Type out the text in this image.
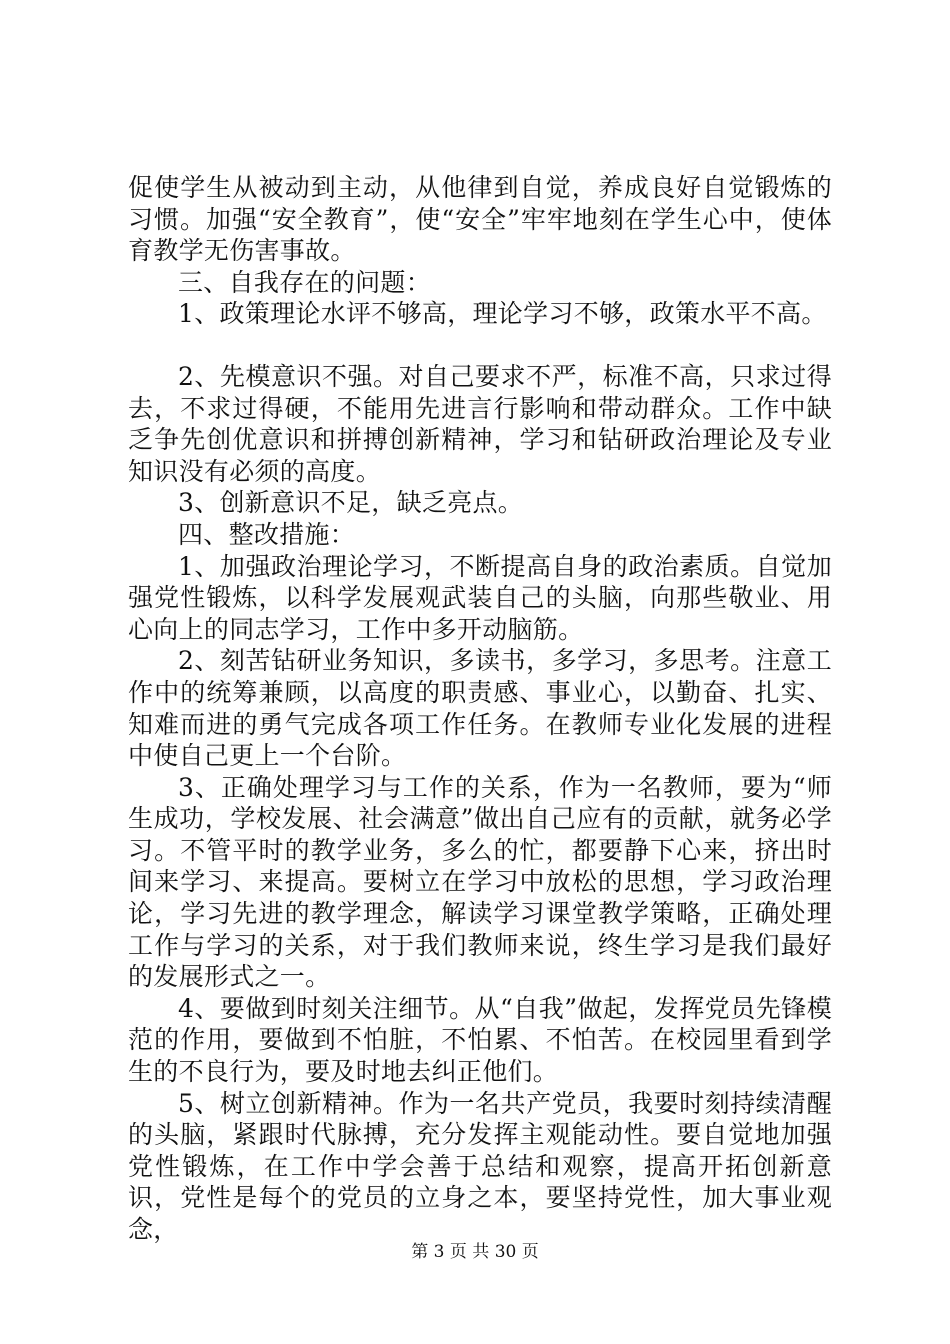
促使学生从被动到主动，从他律到自觉，养成良好自觉锻炼的习惯。加强“安全教育”，使“安全”牢牢地刻在学生心中，使体育教学无伤害事故。

三、自我存在的问题：

1、政策理论水评不够高，理论学习不够，政策水平不高。

2、先模意识不强。对自己要求不严，标准不高，只求过得去，不求过得硬，不能用先进言行影响和带动群众。工作中缺乏争先创优意识和拼搏创新精神，学习和钻研政治理论及专业知识没有必须的高度。

3、创新意识不足，缺乏亮点。

四、整改措施：

1、加强政治理论学习，不断提高自身的政治素质。自觉加强党性锻炼，以科学发展观武装自己的头脑，向那些敬业、用心向上的同志学习，工作中多开动脑筋。

2、刻苦钻研业务知识，多读书，多学习，多思考。注意工作中的统筹兼顾，以高度的职责感、事业心，以勤奋、扎实、知难而进的勇气完成各项工作任务。在教师专业化发展的进程中使自己更上一个台阶。

3、正确处理学习与工作的关系，作为一名教师，要为“师生成功，学校发展、社会满意”做出自己应有的贡献，就务必学习。不管平时的教学业务，多么的忙，都要静下心来，挤出时间来学习、来提高。要树立在学习中放松的思想，学习政治理论，学习先进的教学理念，解读学习课堂教学策略，正确处理工作与学习的关系，对于我们教师来说，终生学习是我们最好的发展形式之一。

4、要做到时刻关注细节。从“自我”做起，发挥党员先锋模范的作用，要做到不怕脏，不怕累、不怕苦。在校园里看到学生的不良行为，要及时地去纠正他们。

5、树立创新精神。作为一名共产党员，我要时刻持续清醒的头脑，紧跟时代脉搏，充分发挥主观能动性。要自觉地加强党性锻炼，在工作中学会善于总结和观察，提高开拓创新意识，党性是每个的党员的立身之本，要坚持党性，加大事业观念，

第 3 页 共 30 页
